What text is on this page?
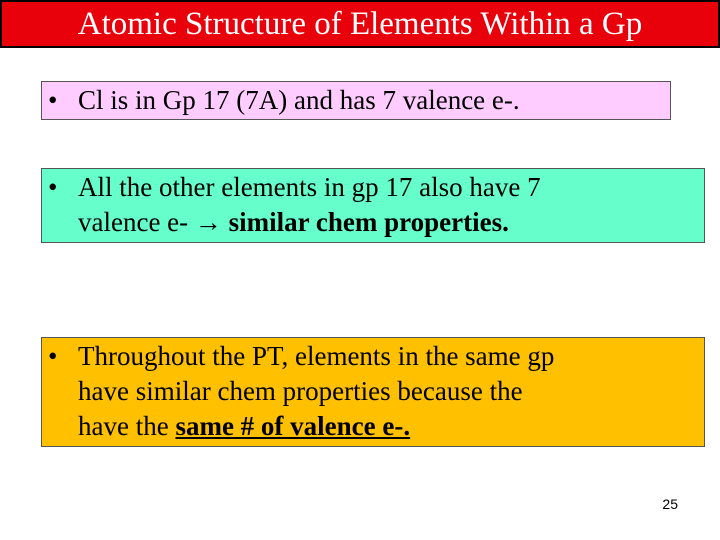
Atomic Structure of Elements Within a Gp
• Cl is in Gp 17 (7A) and has 7 valence e-.
• All the other elements in gp 17 also have 7
valence e- → similar chem properties.
• Throughout the PT, elements in the same gp
have similar chem properties because the
have the same # of valence e-.
25
